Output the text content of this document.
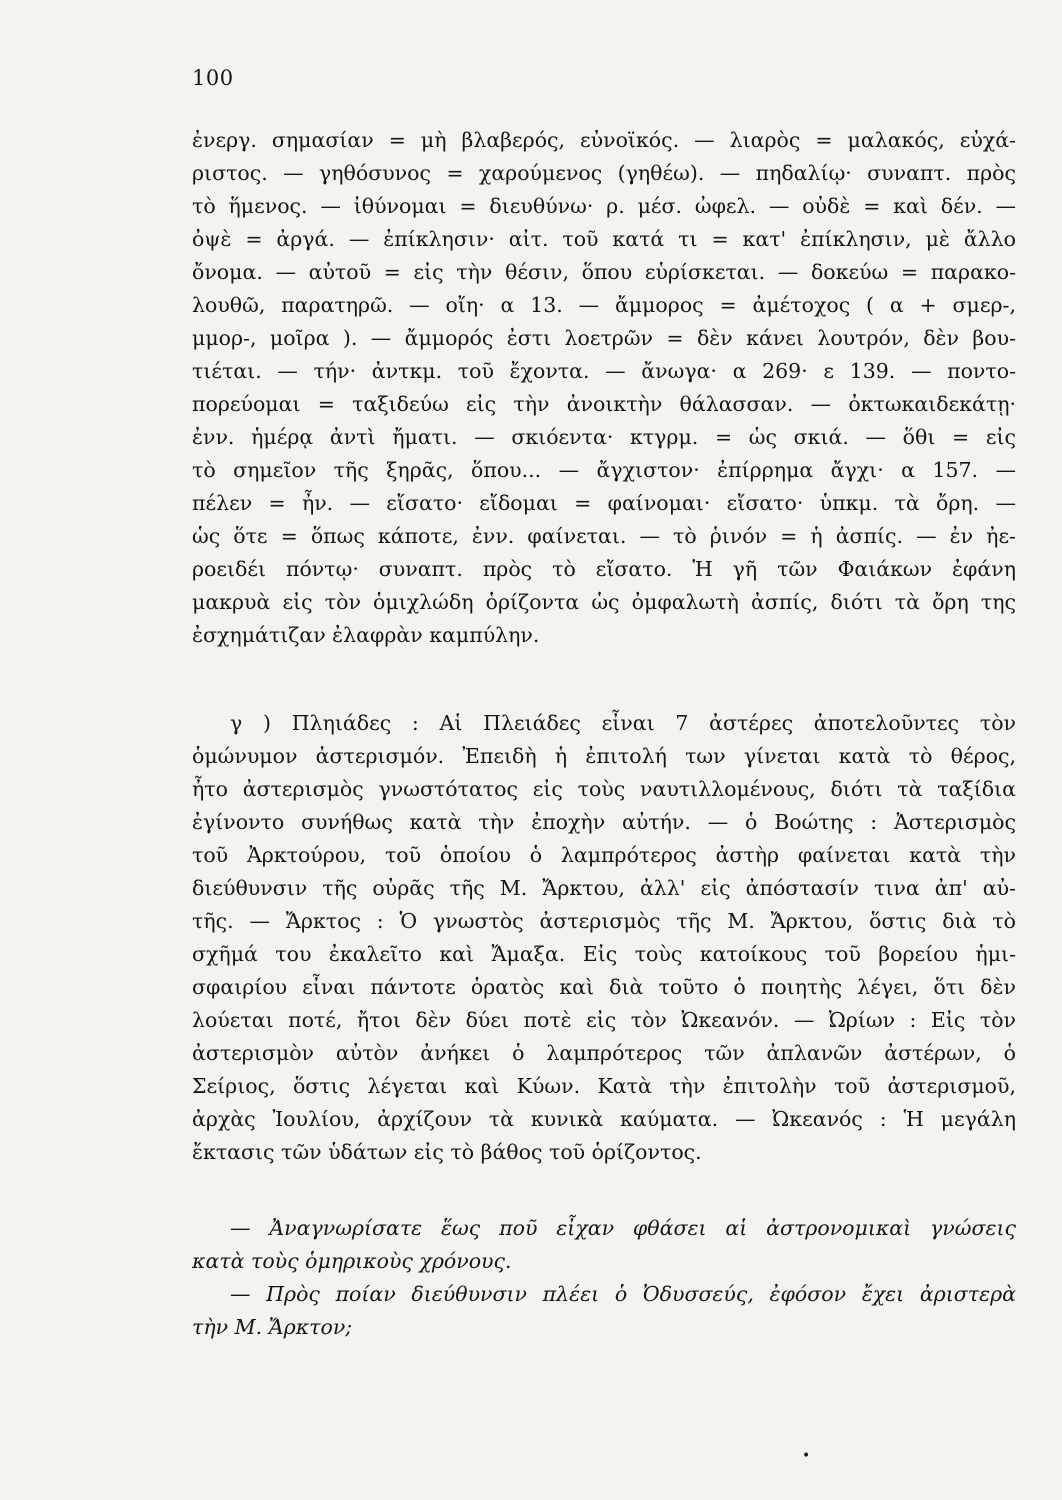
100
ἐνεργ. σημασίαν = μὴ βλαβερός, εὐνοϊκός. — λιαρὸς = μαλακός, εὐχά-
ριστος. — γηθόσυνος = χαρούμενος (γηθέω). — πηδαλίῳ· συναπτ. πρὸς
τὸ ἥμενος. — ἰθύνομαι = διευθύνω· ρ. μέσ. ὠφελ. — οὐδὲ = καὶ δέν. —
ὀψὲ = ἀργά. — ἐπίκλησιν· αἰτ. τοῦ κατά τι = κατ' ἐπίκλησιν, μὲ ἄλλο
ὄνομα. — αὐτοῦ = εἰς τὴν θέσιν, ὅπου εὑρίσκεται. — δοκεύω = παρακο-
λουθῶ, παρατηρῶ. — οἴη· α 13. — ἄμμορος = ἀμέτοχος ( α + σμερ-,
μμορ-, μοῖρα ). — ἄμμορός ἐστι λοετρῶν = δὲν κάνει λουτρόν, δὲν βου-
τιέται. — τήν· ἀντκμ. τοῦ ἔχοντα. — ἄνωγα· α 269· ε 139. — ποντο-
πορεύομαι = ταξιδεύω εἰς τὴν ἀνοικτὴν θάλασσαν. — ὀκτωκαιδεκάτῃ·
ἐνν. ἡμέρᾳ ἀντὶ ἤματι. — σκιόεντα· κτγρμ. = ὡς σκιά. — ὅθι = εἰς
τὸ σημεῖον τῆς ξηρᾶς, ὅπου... — ἄγχιστον· ἐπίρρημα ἄγχι· α 157. —
πέλεν = ἦν. — εἴσατο· εἴδομαι = φαίνομαι· εἴσατο· ὑπκμ. τὰ ὄρη. —
ὡς ὅτε = ὅπως κάποτε, ἐνν. φαίνεται. — τὸ ῥινόν = ἡ ἀσπίς. — ἐν ἠε-
ροειδέι πόντῳ· συναπτ. πρὸς τὸ εἴσατο. Ἡ γῆ τῶν Φαιάκων ἐφάνη
μακρυὰ εἰς τὸν ὁμιχλώδη ὁρίζοντα ὡς ὀμφαλωτὴ ἀσπίς, διότι τὰ ὄρη της
ἐσχημάτιζαν ἐλαφρὰν καμπύλην.
γ ) Πληιάδες : Αἱ Πλειάδες εἶναι 7 ἀστέρες ἀποτελοῦντες τὸν
ὁμώνυμον ἀστερισμόν. Ἐπειδὴ ἡ ἐπιτολή των γίνεται κατὰ τὸ θέρος,
ἦτο ἀστερισμὸς γνωστότατος εἰς τοὺς ναυτιλλομένους, διότι τὰ ταξίδια
ἐγίνοντο συνήθως κατὰ τὴν ἐποχὴν αὐτήν. — ὁ Βοώτης : Ἀστερισμὸς
τοῦ Ἀρκτούρου, τοῦ ὁποίου ὁ λαμπρότερος ἀστὴρ φαίνεται κατὰ τὴν
διεύθυνσιν τῆς οὐρᾶς τῆς Μ. Ἄρκτου, ἀλλ' εἰς ἀπόστασίν τινα ἀπ' αὐ-
τῆς. — Ἄρκτος : Ὁ γνωστὸς ἀστερισμὸς τῆς Μ. Ἄρκτου, ὅστις διὰ τὸ
σχῆμά του ἐκαλεῖτο καὶ Ἄμαξα. Εἰς τοὺς κατοίκους τοῦ βορείου ἡμι-
σφαιρίου εἶναι πάντοτε ὁρατὸς καὶ διὰ τοῦτο ὁ ποιητὴς λέγει, ὅτι δὲν
λούεται ποτέ, ἤτοι δὲν δύει ποτὲ εἰς τὸν Ὠκεανόν. — Ὠρίων : Εἰς τὸν
ἀστερισμὸν αὐτὸν ἀνήκει ὁ λαμπρότερος τῶν ἀπλανῶν ἀστέρων, ὁ
Σείριος, ὅστις λέγεται καὶ Κύων. Κατὰ τὴν ἐπιτολὴν τοῦ ἀστερισμοῦ,
ἀρχὰς Ἰουλίου, ἀρχίζουν τὰ κυνικὰ καύματα. — Ὠκεανός : Ἡ μεγάλη
ἔκτασις τῶν ὑδάτων εἰς τὸ βάθος τοῦ ὁρίζοντος.
— Ἀναγνωρίσατε ἕως ποῦ εἶχαν φθάσει αἱ ἀστρονομικαὶ γνώσεις
κατὰ τοὺς ὁμηρικοὺς χρόνους.
— Πρὸς ποίαν διεύθυνσιν πλέει ὁ Ὀδυσσεύς, ἐφόσον ἔχει ἀριστερὰ
τὴν Μ. Ἄρκτον;
•
